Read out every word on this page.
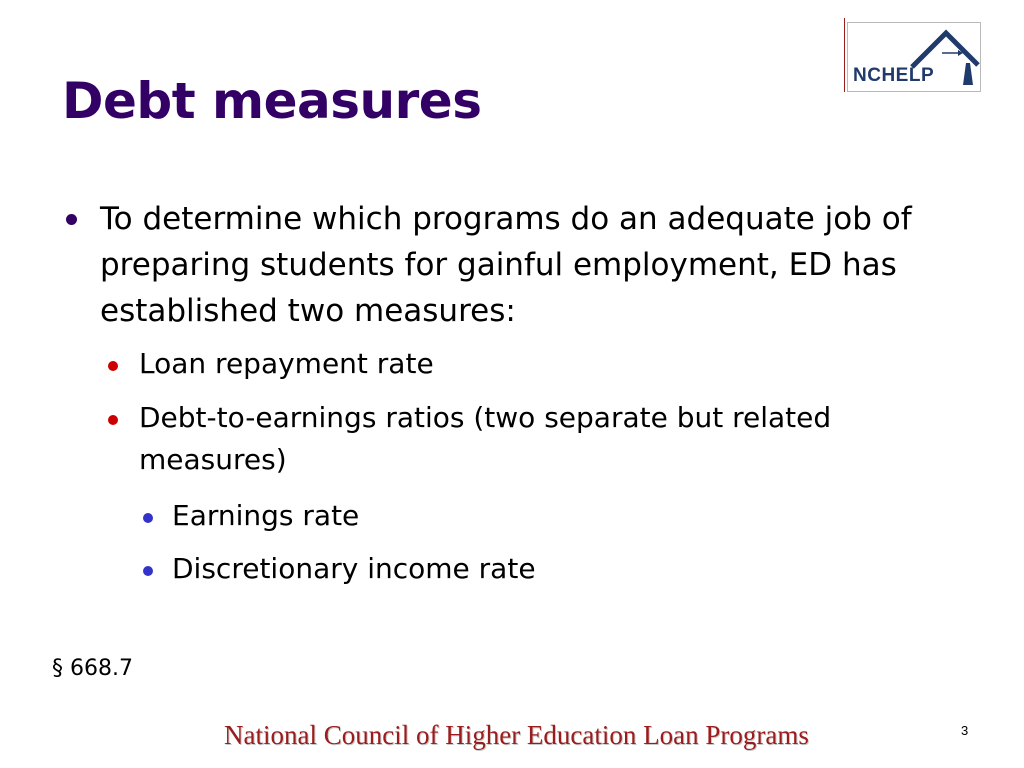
Debt measures	NCHELP
To determine which programs do an adequate job of preparing students for gainful employment, ED has established two measures:
Loan repayment rate
Debt-to-earnings ratios (two separate but related measures)
Earnings rate
Discretionary income rate
§ 668.7
National Council of Higher Education Loan Programs	3
